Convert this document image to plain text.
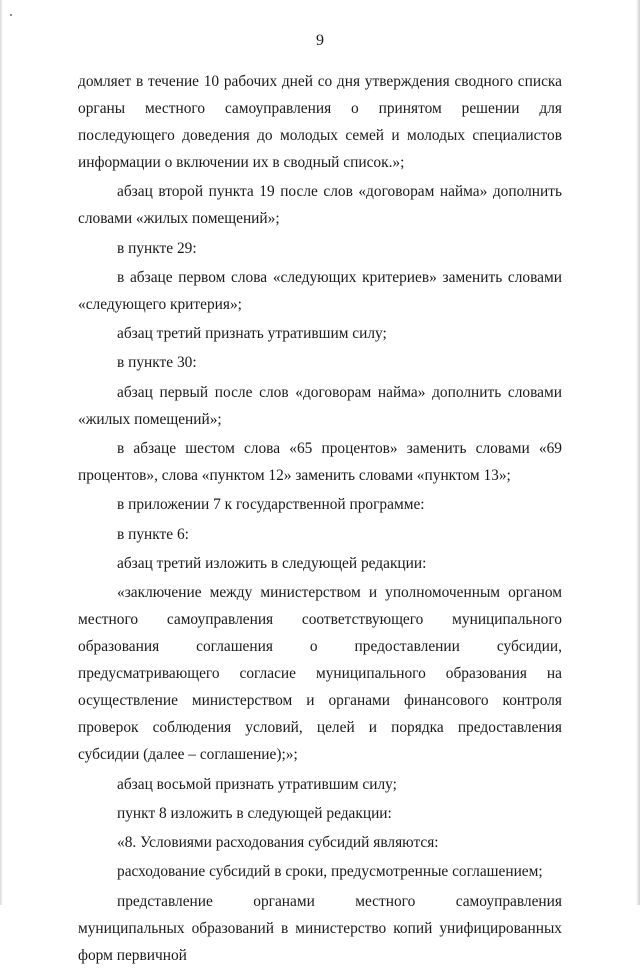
9

домляет в течение 10 рабочих дней со дня утверждения сводного списка органы местного самоуправления о принятом решении для последующего доведения до молодых семей и молодых специалистов информации о включении их в сводный список.»;

абзац второй пункта 19 после слов «договорам найма» дополнить словами «жилых помещений»;

в пункте 29:

в абзаце первом слова «следующих критериев» заменить словами «следующего критерия»;

абзац третий признать утратившим силу;

в пункте 30:

абзац первый после слов «договорам найма» дополнить словами «жилых помещений»;

в абзаце шестом слова «65 процентов» заменить словами «69 процентов», слова «пунктом 12» заменить словами «пунктом 13»;

в приложении 7 к государственной программе:

в пункте 6:

абзац третий изложить в следующей редакции:

«заключение между министерством и уполномоченным органом местного самоуправления соответствующего муниципального образования соглашения о предоставлении субсидии, предусматривающего согласие муниципального образования на осуществление министерством и органами финансового контроля проверок соблюдения условий, целей и порядка предоставления субсидии (далее – соглашение);»;

абзац восьмой признать утратившим силу;

пункт 8 изложить в следующей редакции:

«8. Условиями расходования субсидий являются:

расходование субсидий в сроки, предусмотренные соглашением;

представление органами местного самоуправления муниципальных образований в министерство копий унифицированных форм первичной
